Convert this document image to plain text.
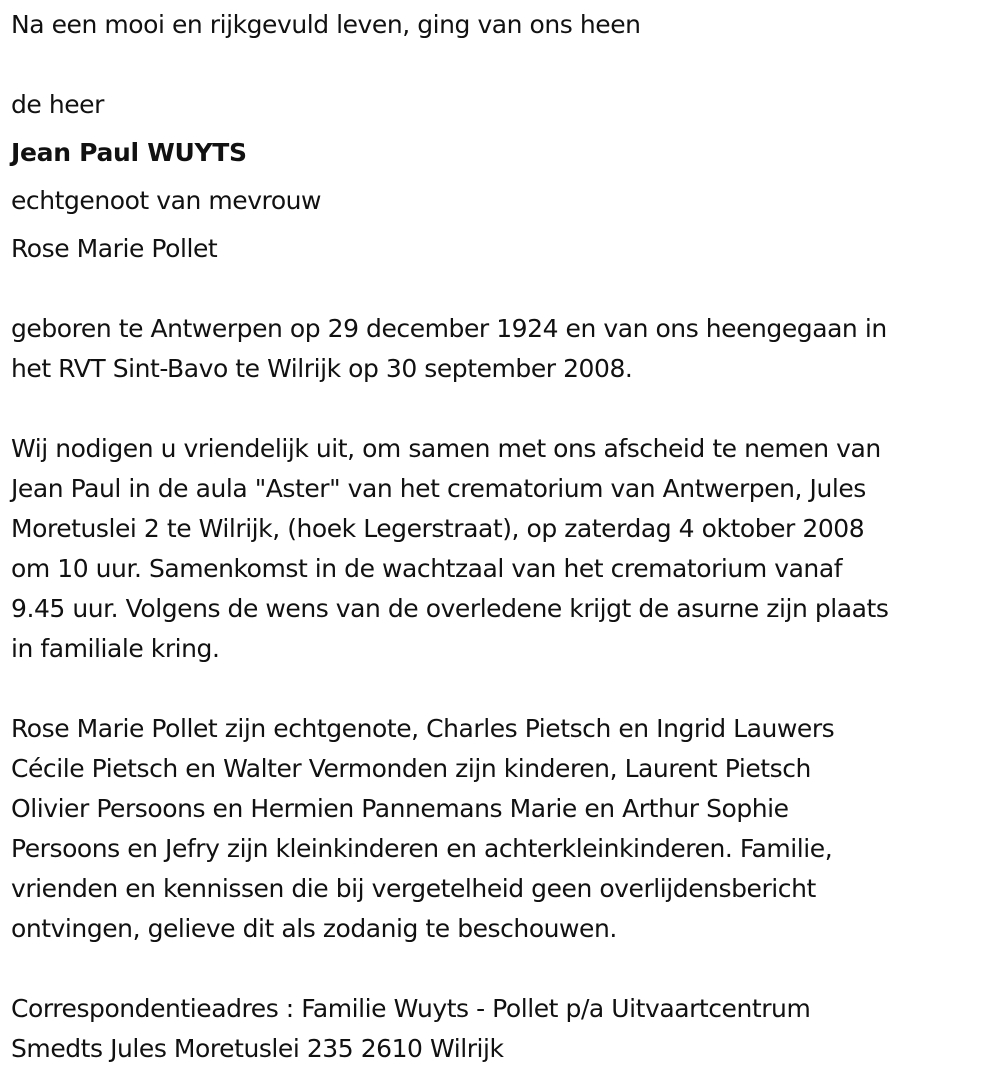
Na een mooi en rijkgevuld leven, ging van ons heen

de heer

Jean Paul WUYTS

echtgenoot van mevrouw

Rose Marie Pollet

geboren te Antwerpen op 29 december 1924 en van ons heengegaan in
het RVT Sint-Bavo te Wilrijk op 30 september 2008.
Wij nodigen u vriendelijk uit, om samen met ons afscheid te nemen van
Jean Paul in de aula "Aster" van het crematorium van Antwerpen, Jules
Moretuslei 2 te Wilrijk, (hoek Legerstraat), op zaterdag 4 oktober 2008
om 10 uur. Samenkomst in de wachtzaal van het crematorium vanaf
9.45 uur. Volgens de wens van de overledene krijgt de asurne zijn plaats
in familiale kring.
Rose Marie Pollet zijn echtgenote, Charles Pietsch en Ingrid Lauwers
Cécile Pietsch en Walter Vermonden zijn kinderen, Laurent Pietsch
Olivier Persoons en Hermien Pannemans Marie en Arthur Sophie
Persoons en Jefry zijn kleinkinderen en achterkleinkinderen. Familie,
vrienden en kennissen die bij vergetelheid geen overlijdensbericht
ontvingen, gelieve dit als zodanig te beschouwen.
Correspondentieadres : Familie Wuyts - Pollet p/a Uitvaartcentrum
Smedts Jules Moretuslei 235 2610 Wilrijk
